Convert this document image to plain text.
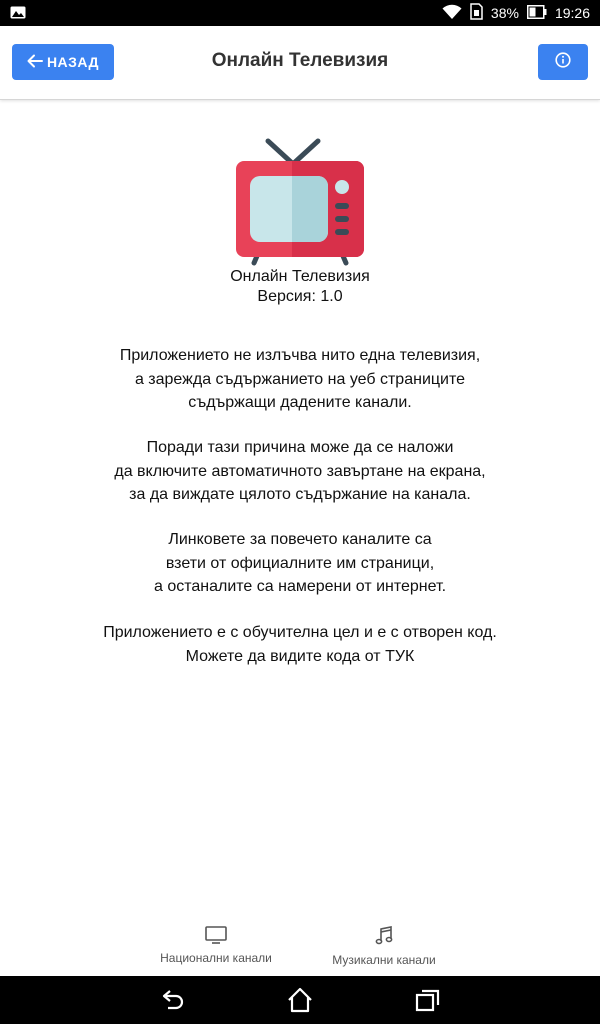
38%	19:26
НАЗАД	Онлайн Телевизия
Онлайн Телевизия
Версия: 1.0
Приложението не излъчва нито една телевизия,
а зарежда съдържанието на уеб страниците
съдържащи дадените канали.
Поради тази причина може да се наложи
да включите автоматичното завъртане на екрана,
за да виждате цялото съдържание на канала.
Линковете за повечето каналите са
взети от официалните им страници,
а останалите са намерени от интернет.
Приложението е с обучителна цел и е с отворен код.
Можете да видите кода от ТУК
Национални канали	Музикални канали
